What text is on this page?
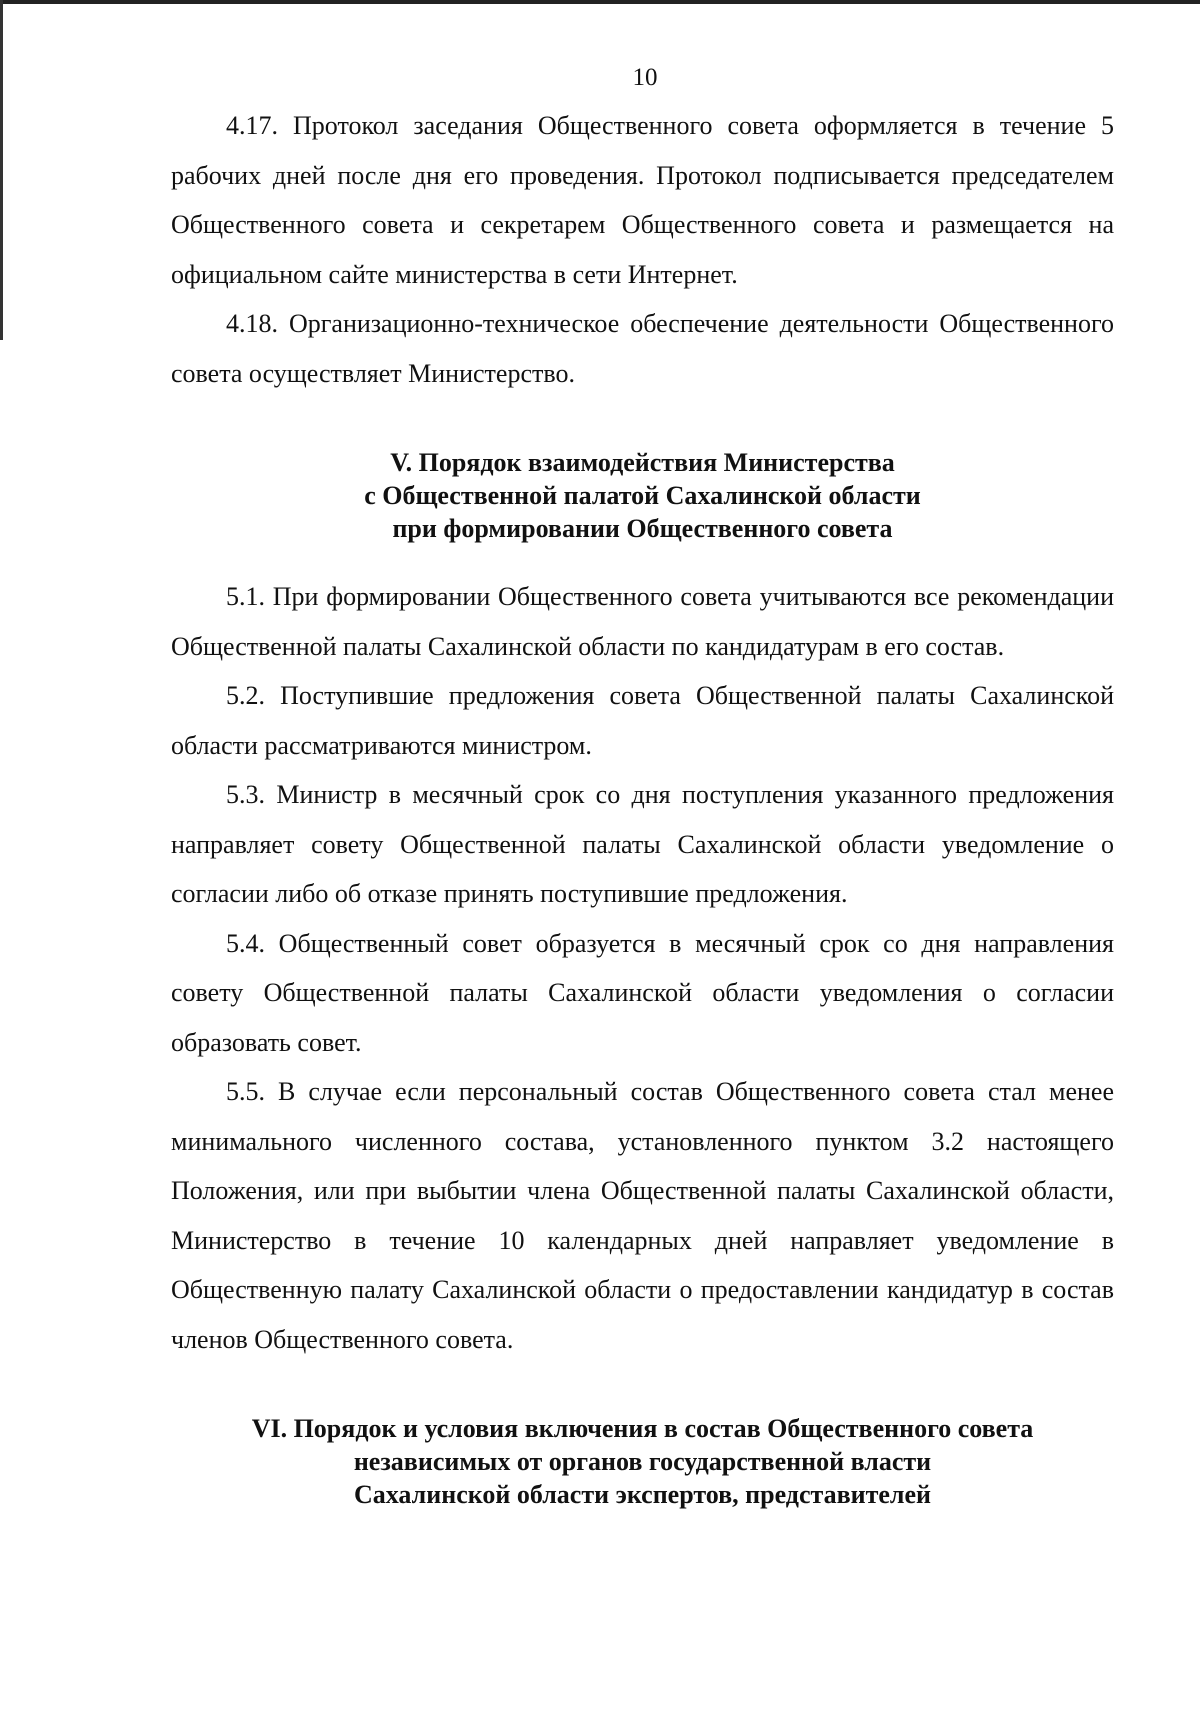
10

4.17. Протокол заседания Общественного совета оформляется в течение 5 рабочих дней после дня его проведения. Протокол подписывается председателем Общественного совета и секретарем Общественного совета и размещается на официальном сайте министерства в сети Интернет.

4.18. Организационно-техническое обеспечение деятельности Общественного совета осуществляет Министерство.

V. Порядок взаимодействия Министерства

с Общественной палатой Сахалинской области

при формировании Общественного совета

5.1. При формировании Общественного совета учитываются все рекомендации Общественной палаты Сахалинской области по кандидатурам в его состав.

5.2. Поступившие предложения совета Общественной палаты Сахалинской области рассматриваются министром.

5.3. Министр в месячный срок со дня поступления указанного предложения направляет совету Общественной палаты Сахалинской области уведомление о согласии либо об отказе принять поступившие предложения.

5.4. Общественный совет образуется в месячный срок со дня направления совету Общественной палаты Сахалинской области уведомления о согласии образовать совет.

5.5. В случае если персональный состав Общественного совета стал менее минимального численного состава, установленного пунктом 3.2 настоящего Положения, или при выбытии члена Общественной палаты Сахалинской области, Министерство в течение 10 календарных дней направляет уведомление в Общественную палату Сахалинской области о предоставлении кандидатур в состав членов Общественного совета.

VI. Порядок и условия включения в состав Общественного совета

независимых от органов государственной власти

Сахалинской области экспертов, представителей
